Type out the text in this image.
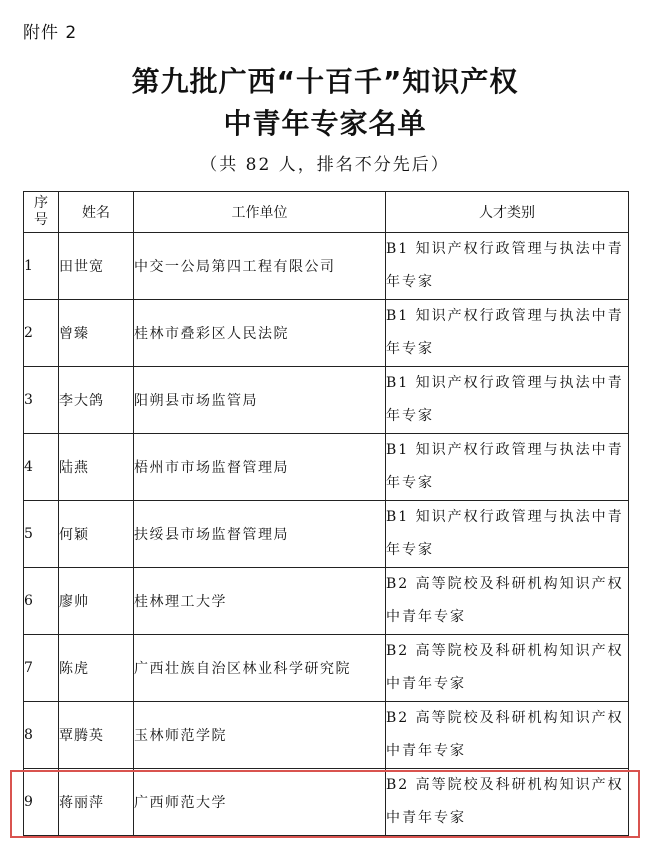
附件 2
第九批广西“十百千”知识产权
中青年专家名单
（共 82 人，排名不分先后）
序
号	姓名	工作单位	人才类别
1	田世宽	中交一公局第四工程有限公司	B1 知识产权行政管理与执法中青年专家
2	曾臻	桂林市叠彩区人民法院	B1 知识产权行政管理与执法中青年专家
3	李大鸽	阳朔县市场监管局	B1 知识产权行政管理与执法中青年专家
4	陆燕	梧州市市场监督管理局	B1 知识产权行政管理与执法中青年专家
5	何颖	扶绥县市场监督管理局	B1 知识产权行政管理与执法中青年专家
6	廖帅	桂林理工大学	B2 高等院校及科研机构知识产权中青年专家
7	陈虎	广西壮族自治区林业科学研究院	B2 高等院校及科研机构知识产权中青年专家
8	覃腾英	玉林师范学院	B2 高等院校及科研机构知识产权中青年专家
9	蒋丽萍	广西师范大学	B2 高等院校及科研机构知识产权中青年专家
